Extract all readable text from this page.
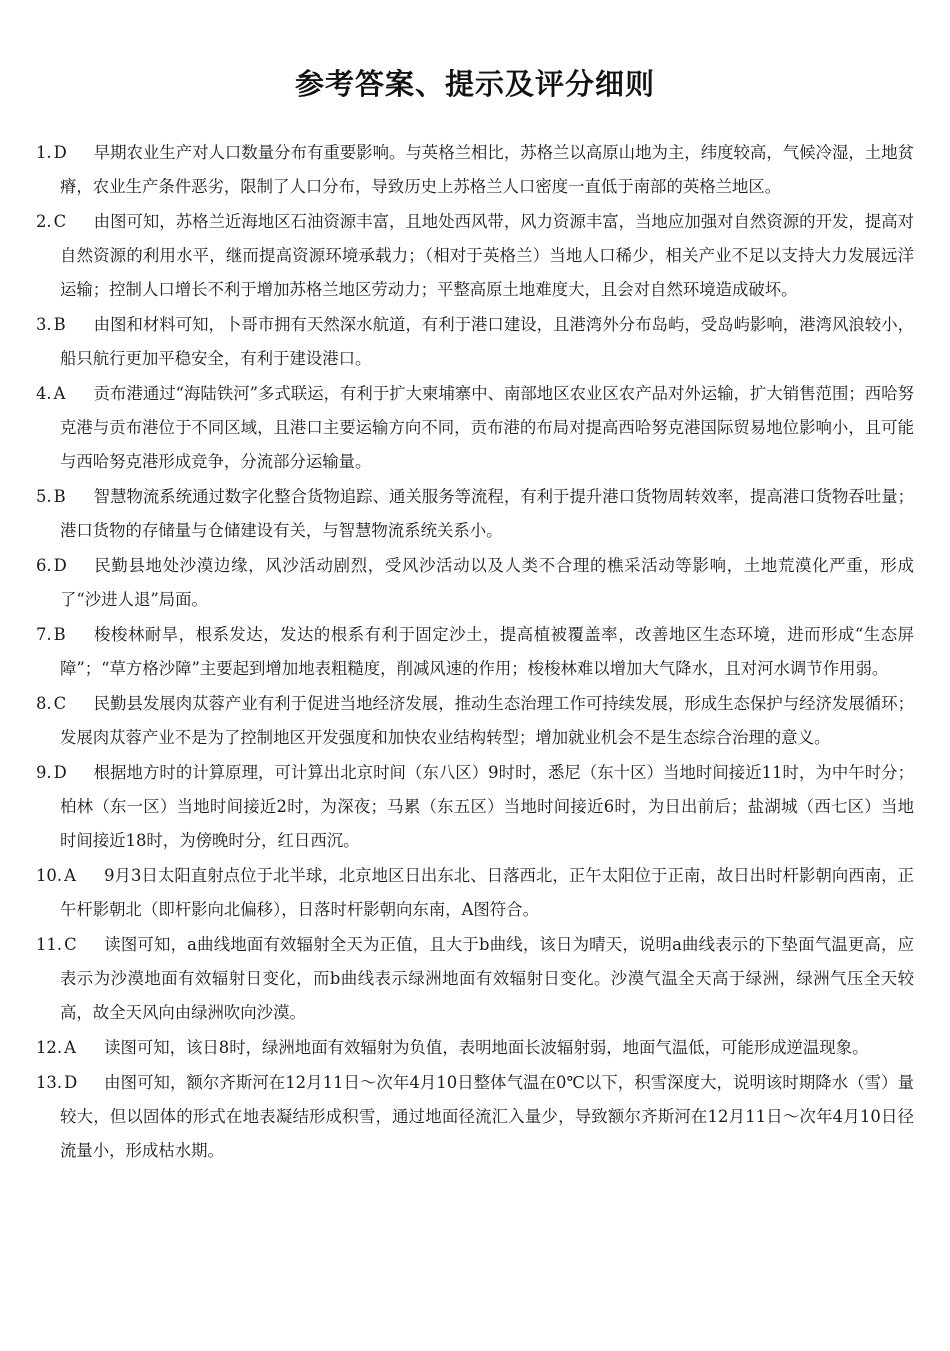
参考答案、提示及评分细则

1. D 早期农业生产对人口数量分布有重要影响。与英格兰相比，苏格兰以高原山地为主，纬度较高，气候冷湿，土地贫瘠，农业生产条件恶劣，限制了人口分布，导致历史上苏格兰人口密度一直低于南部的英格兰地区。

2. C 由图可知，苏格兰近海地区石油资源丰富，且地处西风带，风力资源丰富，当地应加强对自然资源的开发，提高对自然资源的利用水平，继而提高资源环境承载力；（相对于英格兰）当地人口稀少，相关产业不足以支持大力发展远洋运输；控制人口增长不利于增加苏格兰地区劳动力；平整高原土地难度大，且会对自然环境造成破坏。

3. B 由图和材料可知，卜哥市拥有天然深水航道，有利于港口建设，且港湾外分布岛屿，受岛屿影响，港湾风浪较小，船只航行更加平稳安全，有利于建设港口。

4. A 贡布港通过“海陆铁河”多式联运，有利于扩大柬埔寨中、南部地区农业区农产品对外运输，扩大销售范围；西哈努克港与贡布港位于不同区域，且港口主要运输方向不同，贡布港的布局对提高西哈努克港国际贸易地位影响小，且可能与西哈努克港形成竞争，分流部分运输量。

5. B 智慧物流系统通过数字化整合货物追踪、通关服务等流程，有利于提升港口货物周转效率，提高港口货物吞吐量；港口货物的存储量与仓储建设有关，与智慧物流系统关系小。

6. D 民勤县地处沙漠边缘，风沙活动剧烈，受风沙活动以及人类不合理的樵采活动等影响，土地荒漠化严重，形成了“沙进人退”局面。

7. B 梭梭林耐旱，根系发达，发达的根系有利于固定沙土，提高植被覆盖率，改善地区生态环境，进而形成“生态屏障”；“草方格沙障”主要起到增加地表粗糙度，削减风速的作用；梭梭林难以增加大气降水，且对河水调节作用弱。

8. C 民勤县发展肉苁蓉产业有利于促进当地经济发展，推动生态治理工作可持续发展，形成生态保护与经济发展循环；发展肉苁蓉产业不是为了控制地区开发强度和加快农业结构转型；增加就业机会不是生态综合治理的意义。

9. D 根据地方时的计算原理，可计算出北京时间（东八区）9时时，悉尼（东十区）当地时间接近11时，为中午时分；柏林（东一区）当地时间接近2时，为深夜；马累（东五区）当地时间接近6时，为日出前后；盐湖城（西七区）当地时间接近18时，为傍晚时分，红日西沉。

10. A 9月3日太阳直射点位于北半球，北京地区日出东北、日落西北，正午太阳位于正南，故日出时杆影朝向西南，正午杆影朝北（即杆影向北偏移），日落时杆影朝向东南，A图符合。

11. C 读图可知，a曲线地面有效辐射全天为正值，且大于b曲线，该日为晴天，说明a曲线表示的下垫面气温更高，应表示为沙漠地面有效辐射日变化，而b曲线表示绿洲地面有效辐射日变化。沙漠气温全天高于绿洲，绿洲气压全天较高，故全天风向由绿洲吹向沙漠。

12. A 读图可知，该日8时，绿洲地面有效辐射为负值，表明地面长波辐射弱，地面气温低，可能形成逆温现象。

13. D 由图可知，额尔齐斯河在12月11日～次年4月10日整体气温在0℃以下，积雪深度大，说明该时期降水（雪）量较大，但以固体的形式在地表凝结形成积雪，通过地面径流汇入量少，导致额尔齐斯河在12月11日～次年4月10日径流量小，形成枯水期。
